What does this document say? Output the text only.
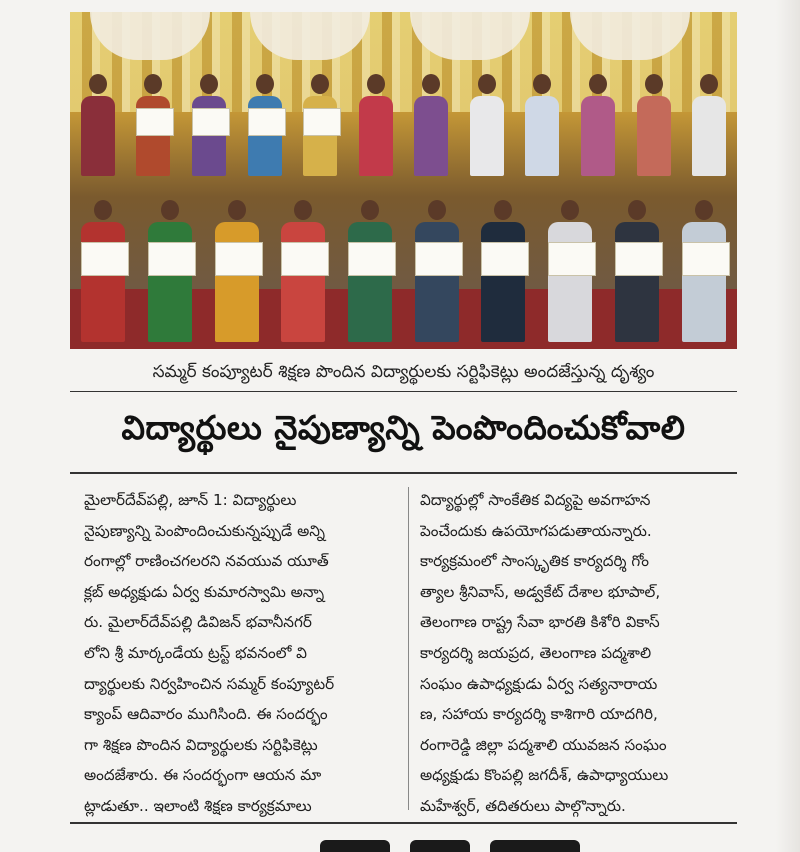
సమ్మర్ కంప్యూటర్ శిక్షణ పొందిన విద్యార్థులకు సర్టిఫికెట్లు అందజేస్తున్న దృశ్యం
విద్యార్థులు నైపుణ్యాన్ని పెంపొందించుకోవాలి
మైలార్‌దేవ్‌పల్లి, జూన్ 1: విద్యార్థులు
నైపుణ్యాన్ని పెంపొందించుకున్నప్పుడే అన్ని
రంగాల్లో రాణించగలరని నవయువ యూత్
క్లబ్ అధ్యక్షుడు ఏర్వ కుమారస్వామి అన్నా
రు. మైలార్‌దేవ్‌పల్లి డివిజన్ భవానీనగర్
లోని శ్రీ మార్కండేయ ట్రస్ట్ భవనంలో వి
ద్యార్థులకు నిర్వహించిన సమ్మర్ కంప్యూటర్
క్యాంప్ ఆదివారం ముగిసింది. ఈ సందర్భం
గా శిక్షణ పొందిన విద్యార్థులకు సర్టిఫికెట్లు
అందజేశారు. ఈ సందర్భంగా ఆయన మా
ట్లాడుతూ.. ఇలాంటి శిక్షణ కార్యక్రమాలు
విద్యార్థుల్లో సాంకేతిక విద్యపై అవగాహన
పెంచేందుకు ఉపయోగపడుతాయన్నారు.
కార్యక్రమంలో సాంస్కృతిక కార్యదర్శి గోం
త్యాల శ్రీనివాస్, అడ్వకేట్ దేశాల భూపాల్,
తెలంగాణ రాష్ట్ర సేవా భారతి కిశోరి వికాస్
కార్యదర్శి జయప్రద, తెలంగాణ పద్మశాలి
సంఘం ఉపాధ్యక్షుడు ఏర్వ సత్యనారాయ
ణ, సహాయ కార్యదర్శి కాశిగారి యాదగిరి,
రంగారెడ్డి జిల్లా పద్మశాలి యువజన సంఘం
అధ్యక్షుడు కొంపల్లి జగదీశ్, ఉపాధ్యాయులు
మహేశ్వర్, తదితరులు పాల్గొన్నారు.
